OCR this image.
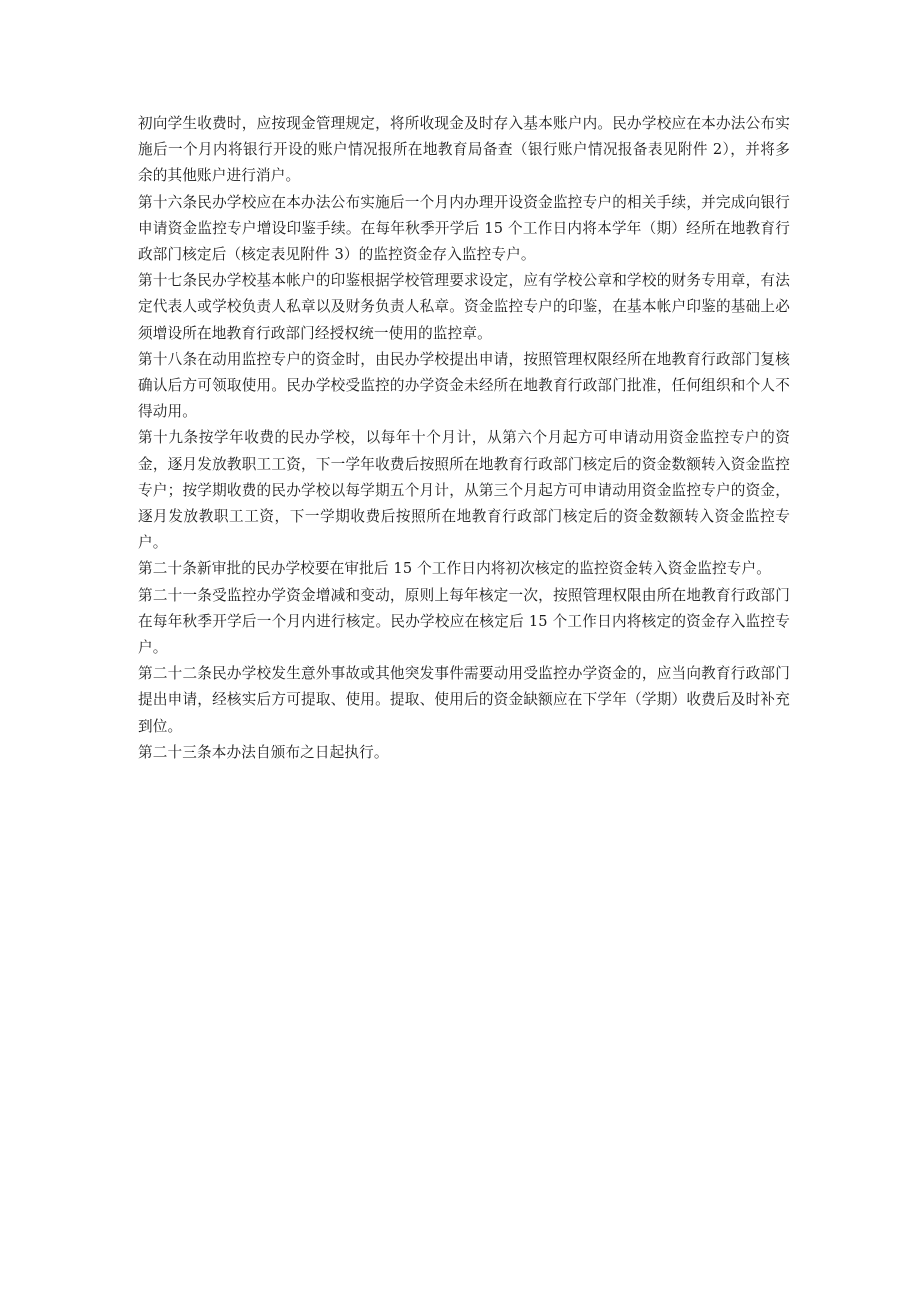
初向学生收费时，应按现金管理规定，将所收现金及时存入基本账户内。民办学校应在本办法公布实施后一个月内将银行开设的账户情况报所在地教育局备查（银行账户情况报备表见附件 2），并将多余的其他账户进行消户。

第十六条民办学校应在本办法公布实施后一个月内办理开设资金监控专户的相关手续，并完成向银行申请资金监控专户增设印鉴手续。在每年秋季开学后 15 个工作日内将本学年（期）经所在地教育行政部门核定后（核定表见附件 3）的监控资金存入监控专户。

第十七条民办学校基本帐户的印鉴根据学校管理要求设定，应有学校公章和学校的财务专用章，有法定代表人或学校负责人私章以及财务负责人私章。资金监控专户的印鉴，在基本帐户印鉴的基础上必须增设所在地教育行政部门经授权统一使用的监控章。

第十八条在动用监控专户的资金时，由民办学校提出申请，按照管理权限经所在地教育行政部门复核确认后方可领取使用。民办学校受监控的办学资金未经所在地教育行政部门批准，任何组织和个人不得动用。

第十九条按学年收费的民办学校，以每年十个月计，从第六个月起方可申请动用资金监控专户的资金，逐月发放教职工工资，下一学年收费后按照所在地教育行政部门核定后的资金数额转入资金监控专户；按学期收费的民办学校以每学期五个月计，从第三个月起方可申请动用资金监控专户的资金，逐月发放教职工工资，下一学期收费后按照所在地教育行政部门核定后的资金数额转入资金监控专户。

第二十条新审批的民办学校要在审批后 15 个工作日内将初次核定的监控资金转入资金监控专户。

第二十一条受监控办学资金增减和变动，原则上每年核定一次，按照管理权限由所在地教育行政部门在每年秋季开学后一个月内进行核定。民办学校应在核定后 15 个工作日内将核定的资金存入监控专户。

第二十二条民办学校发生意外事故或其他突发事件需要动用受监控办学资金的，应当向教育行政部门提出申请，经核实后方可提取、使用。提取、使用后的资金缺额应在下学年（学期）收费后及时补充到位。

第二十三条本办法自颁布之日起执行。
